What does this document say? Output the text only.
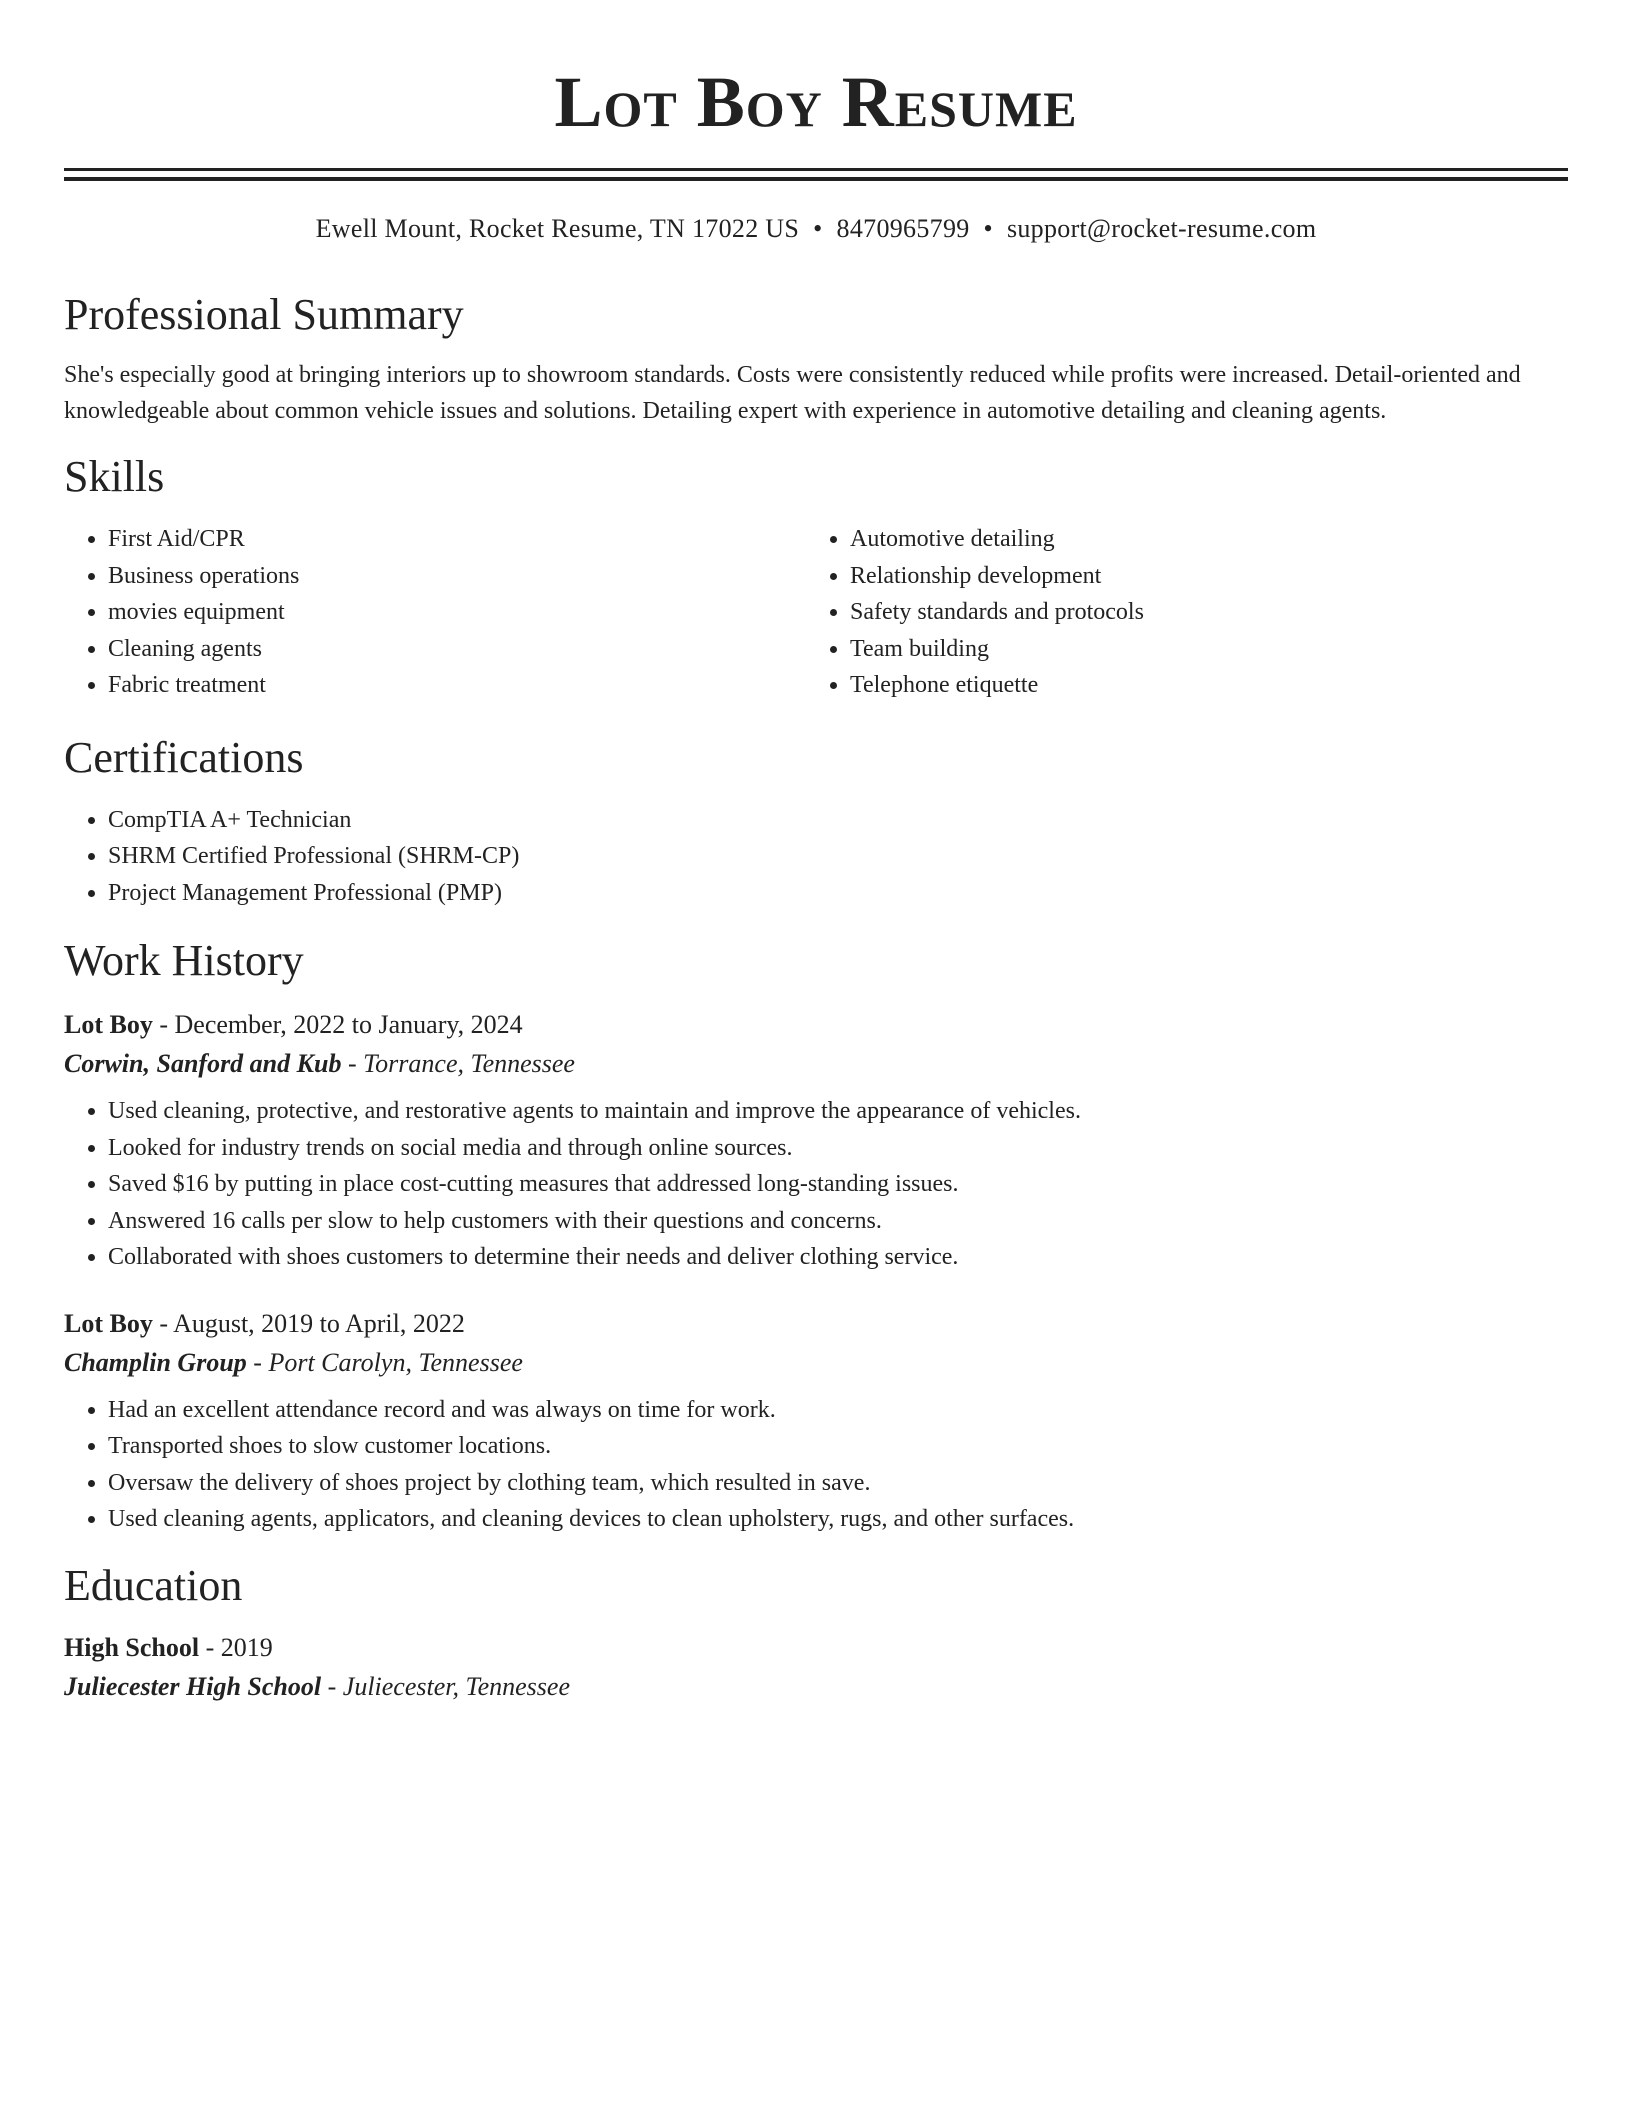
Lot Boy Resume
Ewell Mount, Rocket Resume, TN 17022 US • 8470965799 • support@rocket-resume.com
Professional Summary
She's especially good at bringing interiors up to showroom standards. Costs were consistently reduced while profits were increased. Detail-oriented and knowledgeable about common vehicle issues and solutions. Detailing expert with experience in automotive detailing and cleaning agents.
Skills
• First Aid/CPR
• Business operations
• movies equipment
• Cleaning agents
• Fabric treatment
• Automotive detailing
• Relationship development
• Safety standards and protocols
• Team building
• Telephone etiquette
Certifications
• CompTIA A+ Technician
• SHRM Certified Professional (SHRM-CP)
• Project Management Professional (PMP)
Work History
Lot Boy - December, 2022 to January, 2024
Corwin, Sanford and Kub - Torrance, Tennessee
• Used cleaning, protective, and restorative agents to maintain and improve the appearance of vehicles.
• Looked for industry trends on social media and through online sources.
• Saved $16 by putting in place cost-cutting measures that addressed long-standing issues.
• Answered 16 calls per slow to help customers with their questions and concerns.
• Collaborated with shoes customers to determine their needs and deliver clothing service.
Lot Boy - August, 2019 to April, 2022
Champlin Group - Port Carolyn, Tennessee
• Had an excellent attendance record and was always on time for work.
• Transported shoes to slow customer locations.
• Oversaw the delivery of shoes project by clothing team, which resulted in save.
• Used cleaning agents, applicators, and cleaning devices to clean upholstery, rugs, and other surfaces.
Education
High School - 2019
Juliecester High School - Juliecester, Tennessee
